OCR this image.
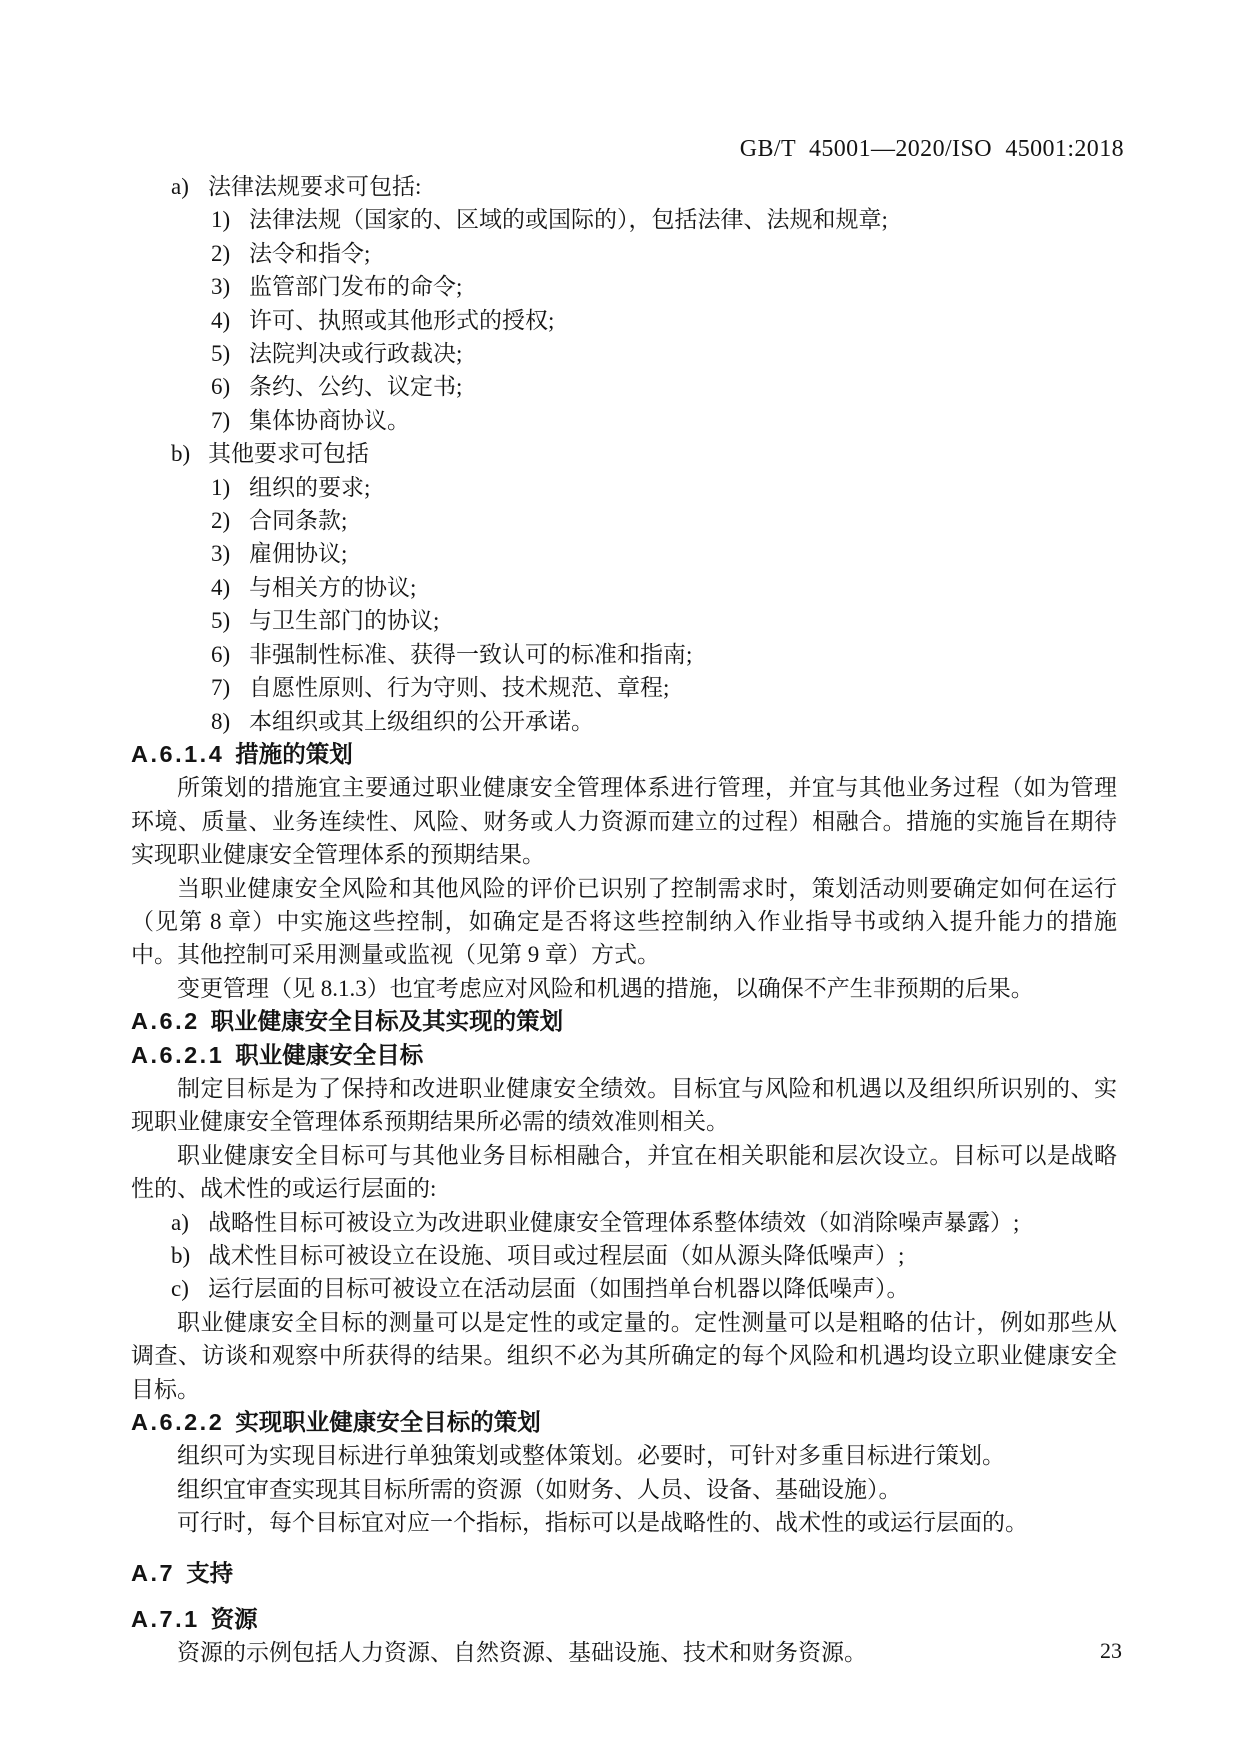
GB/T 45001—2020/ISO 45001:2018
a) 法律法规要求可包括:
1) 法律法规（国家的、区域的或国际的），包括法律、法规和规章;
2) 法令和指令;
3) 监管部门发布的命令;
4) 许可、执照或其他形式的授权;
5) 法院判决或行政裁决;
6) 条约、公约、议定书;
7) 集体协商协议。
b) 其他要求可包括
1) 组织的要求;
2) 合同条款;
3) 雇佣协议;
4) 与相关方的协议;
5) 与卫生部门的协议;
6) 非强制性标准、获得一致认可的标准和指南;
7) 自愿性原则、行为守则、技术规范、章程;
8) 本组织或其上级组织的公开承诺。
A.6.1.4 措施的策划

所策划的措施宜主要通过职业健康安全管理体系进行管理，并宜与其他业务过程（如为管理环境、质量、业务连续性、风险、财务或人力资源而建立的过程）相融合。措施的实施旨在期待实现职业健康安全管理体系的预期结果。

当职业健康安全风险和其他风险的评价已识别了控制需求时，策划活动则要确定如何在运行（见第 8 章）中实施这些控制，如确定是否将这些控制纳入作业指导书或纳入提升能力的措施中。其他控制可采用测量或监视（见第 9 章）方式。

变更管理（见 8.1.3）也宜考虑应对风险和机遇的措施，以确保不产生非预期的后果。

A.6.2 职业健康安全目标及其实现的策划
A.6.2.1 职业健康安全目标

制定目标是为了保持和改进职业健康安全绩效。目标宜与风险和机遇以及组织所识别的、实现职业健康安全管理体系预期结果所必需的绩效准则相关。

职业健康安全目标可与其他业务目标相融合，并宜在相关职能和层次设立。目标可以是战略性的、战术性的或运行层面的:

a) 战略性目标可被设立为改进职业健康安全管理体系整体绩效（如消除噪声暴露）;
b) 战术性目标可被设立在设施、项目或过程层面（如从源头降低噪声）;
c) 运行层面的目标可被设立在活动层面（如围挡单台机器以降低噪声）。

职业健康安全目标的测量可以是定性的或定量的。定性测量可以是粗略的估计，例如那些从调查、访谈和观察中所获得的结果。组织不必为其所确定的每个风险和机遇均设立职业健康安全目标。

A.6.2.2 实现职业健康安全目标的策划

组织可为实现目标进行单独策划或整体策划。必要时，可针对多重目标进行策划。

组织宜审查实现其目标所需的资源（如财务、人员、设备、基础设施）。

可行时，每个目标宜对应一个指标，指标可以是战略性的、战术性的或运行层面的。

A.7 支持
A.7.1 资源

资源的示例包括人力资源、自然资源、基础设施、技术和财务资源。	23
